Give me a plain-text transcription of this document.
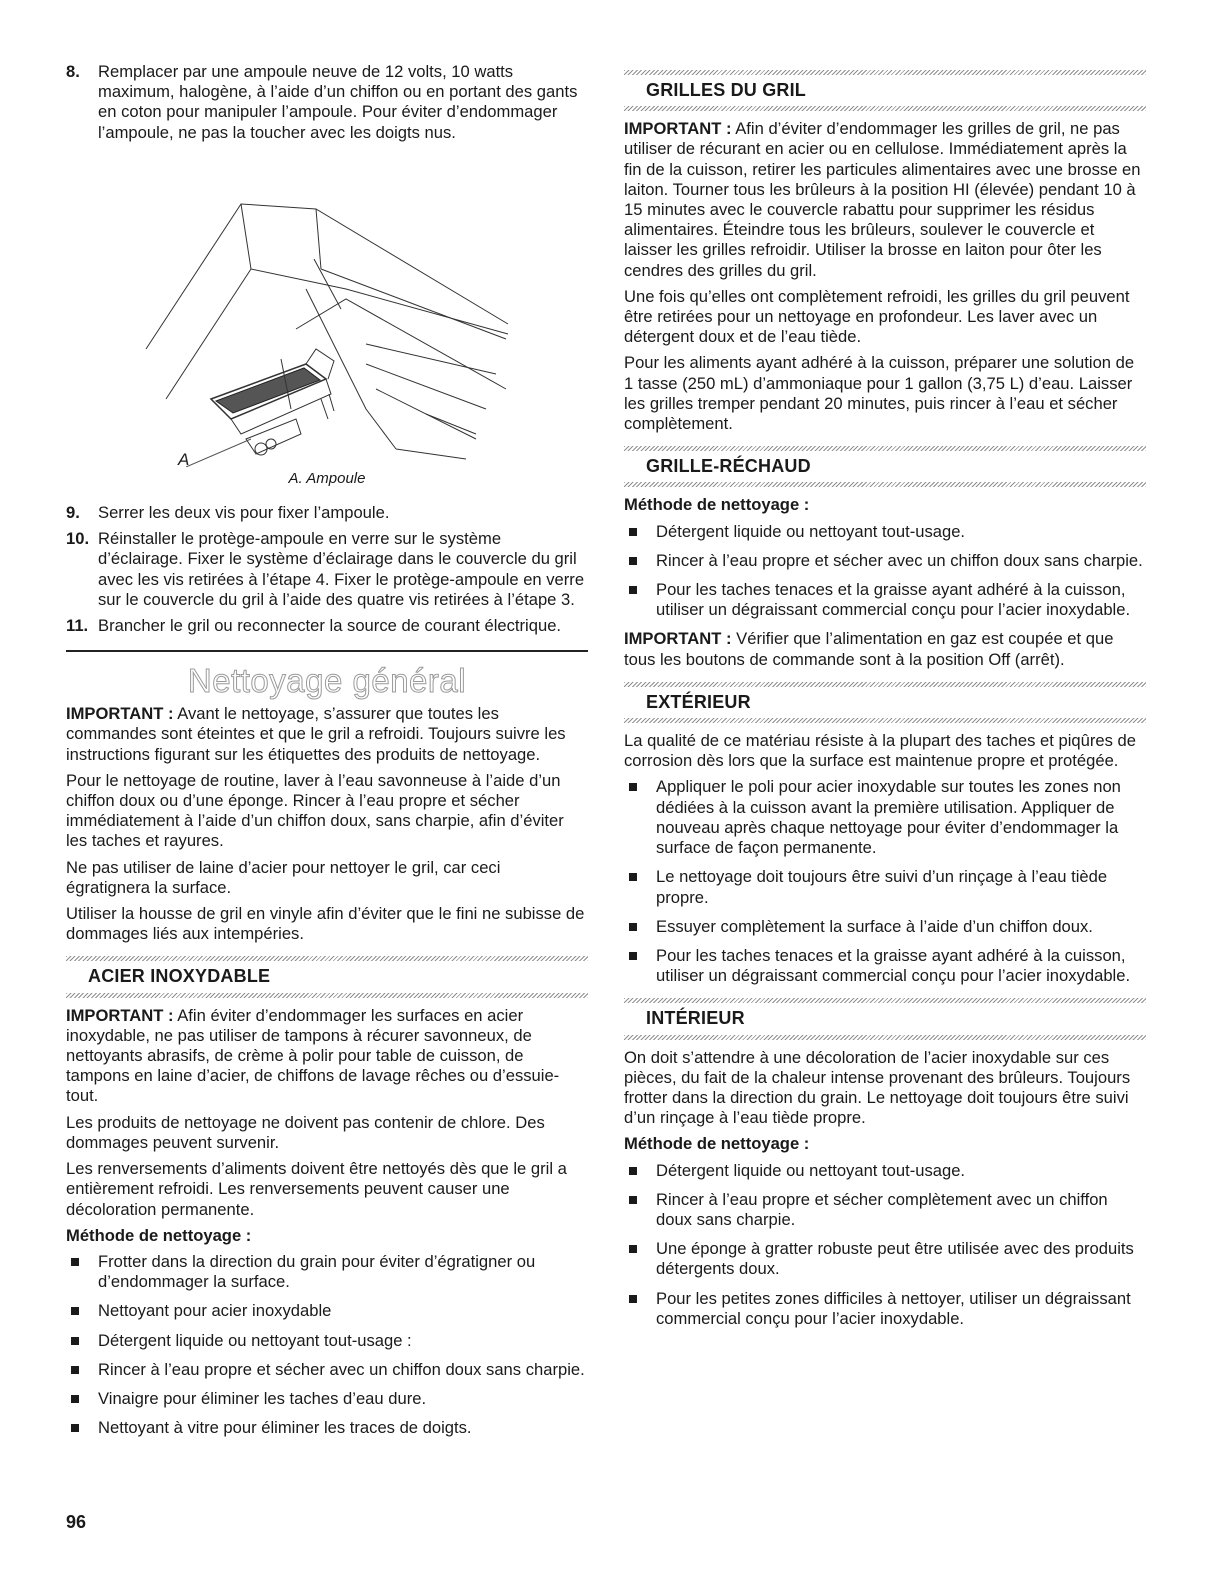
8. Remplacer par une ampoule neuve de 12 volts, 10 watts maximum, halogène, à l’aide d’un chiffon ou en portant des gants en coton pour manipuler l’ampoule. Pour éviter d’endommager l’ampoule, ne pas la toucher avec les doigts nus.
A
A. Ampoule
9. Serrer les deux vis pour fixer l’ampoule.
10. Réinstaller le protège-ampoule en verre sur le système d’éclairage. Fixer le système d’éclairage dans le couvercle du gril avec les vis retirées à l’étape 4. Fixer le protège-ampoule en verre sur le couvercle du gril à l’aide des quatre vis retirées à l’étape 3.
11. Brancher le gril ou reconnecter la source de courant électrique.
Nettoyage général

IMPORTANT : Avant le nettoyage, s’assurer que toutes les commandes sont éteintes et que le gril a refroidi. Toujours suivre les instructions figurant sur les étiquettes des produits de nettoyage.

Pour le nettoyage de routine, laver à l’eau savonneuse à l’aide d’un chiffon doux ou d’une éponge. Rincer à l’eau propre et sécher immédiatement à l’aide d’un chiffon doux, sans charpie, afin d’éviter les taches et rayures.

Ne pas utiliser de laine d’acier pour nettoyer le gril, car ceci égratignera la surface.

Utiliser la housse de gril en vinyle afin d’éviter que le fini ne subisse de dommages liés aux intempéries.

ACIER INOXYDABLE

IMPORTANT : Afin éviter d’endommager les surfaces en acier inoxydable, ne pas utiliser de tampons à récurer savonneux, de nettoyants abrasifs, de crème à polir pour table de cuisson, de tampons en laine d’acier, de chiffons de lavage rêches ou d’essuie-tout.

Les produits de nettoyage ne doivent pas contenir de chlore. Des dommages peuvent survenir.

Les renversements d’aliments doivent être nettoyés dès que le gril a entièrement refroidi. Les renversements peuvent causer une décoloration permanente.

Méthode de nettoyage :
Frotter dans la direction du grain pour éviter d’égratigner ou d’endommager la surface.
Nettoyant pour acier inoxydable
Détergent liquide ou nettoyant tout-usage :
Rincer à l’eau propre et sécher avec un chiffon doux sans charpie.
Vinaigre pour éliminer les taches d’eau dure.
Nettoyant à vitre pour éliminer les traces de doigts.
GRILLES DU GRIL

IMPORTANT : Afin d’éviter d’endommager les grilles de gril, ne pas utiliser de récurant en acier ou en cellulose. Immédiatement après la fin de la cuisson, retirer les particules alimentaires avec une brosse en laiton. Tourner tous les brûleurs à la position HI (élevée) pendant 10 à 15 minutes avec le couvercle rabattu pour supprimer les résidus alimentaires. Éteindre tous les brûleurs, soulever le couvercle et laisser les grilles refroidir. Utiliser la brosse en laiton pour ôter les cendres des grilles du gril.

Une fois qu’elles ont complètement refroidi, les grilles du gril peuvent être retirées pour un nettoyage en profondeur. Les laver avec un détergent doux et de l’eau tiède.

Pour les aliments ayant adhéré à la cuisson, préparer une solution de 1 tasse (250 mL) d’ammoniaque pour 1 gallon (3,75 L) d’eau. Laisser les grilles tremper pendant 20 minutes, puis rincer à l’eau et sécher complètement.

GRILLE-RÉCHAUD
Méthode de nettoyage :
Détergent liquide ou nettoyant tout-usage.
Rincer à l’eau propre et sécher avec un chiffon doux sans charpie.
Pour les taches tenaces et la graisse ayant adhéré à la cuisson, utiliser un dégraissant commercial conçu pour l’acier inoxydable.

IMPORTANT : Vérifier que l’alimentation en gaz est coupée et que tous les boutons de commande sont à la position Off (arrêt).

EXTÉRIEUR

La qualité de ce matériau résiste à la plupart des taches et piqûres de corrosion dès lors que la surface est maintenue propre et protégée.

Appliquer le poli pour acier inoxydable sur toutes les zones non dédiées à la cuisson avant la première utilisation. Appliquer de nouveau après chaque nettoyage pour éviter d’endommager la surface de façon permanente.
Le nettoyage doit toujours être suivi d’un rinçage à l’eau tiède propre.
Essuyer complètement la surface à l’aide d’un chiffon doux.
Pour les taches tenaces et la graisse ayant adhéré à la cuisson, utiliser un dégraissant commercial conçu pour l’acier inoxydable.
INTÉRIEUR

On doit s’attendre à une décoloration de l’acier inoxydable sur ces pièces, du fait de la chaleur intense provenant des brûleurs. Toujours frotter dans la direction du grain. Le nettoyage doit toujours être suivi d’un rinçage à l’eau tiède propre.

Méthode de nettoyage :
Détergent liquide ou nettoyant tout-usage.
Rincer à l’eau propre et sécher complètement avec un chiffon doux sans charpie.
Une éponge à gratter robuste peut être utilisée avec des produits détergents doux.
Pour les petites zones difficiles à nettoyer, utiliser un dégraissant commercial conçu pour l’acier inoxydable.
96
